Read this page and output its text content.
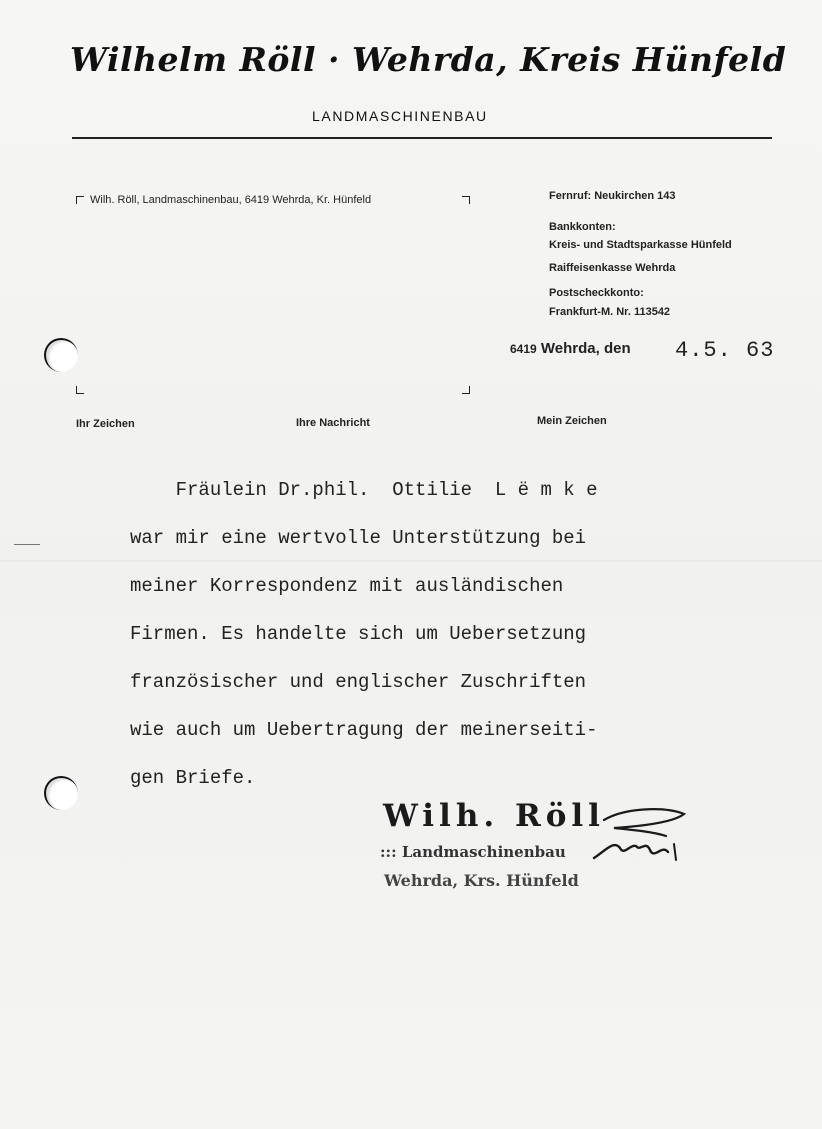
Wilhelm Röll · Wehrda, Kreis Hünfeld
LANDMASCHINENBAU
Wilh. Röll, Landmaschinenbau, 6419 Wehrda, Kr. Hünfeld	Fernruf: Neukirchen 143
Bankkonten:
Kreis- und Stadtsparkasse Hünfeld
Raiffeisenkasse Wehrda
Postscheckkonto:
Frankfurt-M. Nr. 113542
6419 Wehrda, den 4.5. 63
Ihr Zeichen	Ihre Nachricht	Mein Zeichen
Fräulein Dr.phil.  Ottilie  L ë m k e
war mir eine wertvolle Unterstützung bei
meiner Korrespondenz mit ausländischen
Firmen. Es handelte sich um Uebersetzung
französischer und englischer Zuschriften
wie auch um Uebertragung der meinerseiti-
gen Briefe.
Wilh. Röll
::: Landmaschinenbau
Wehrda, Krs. Hünfeld
